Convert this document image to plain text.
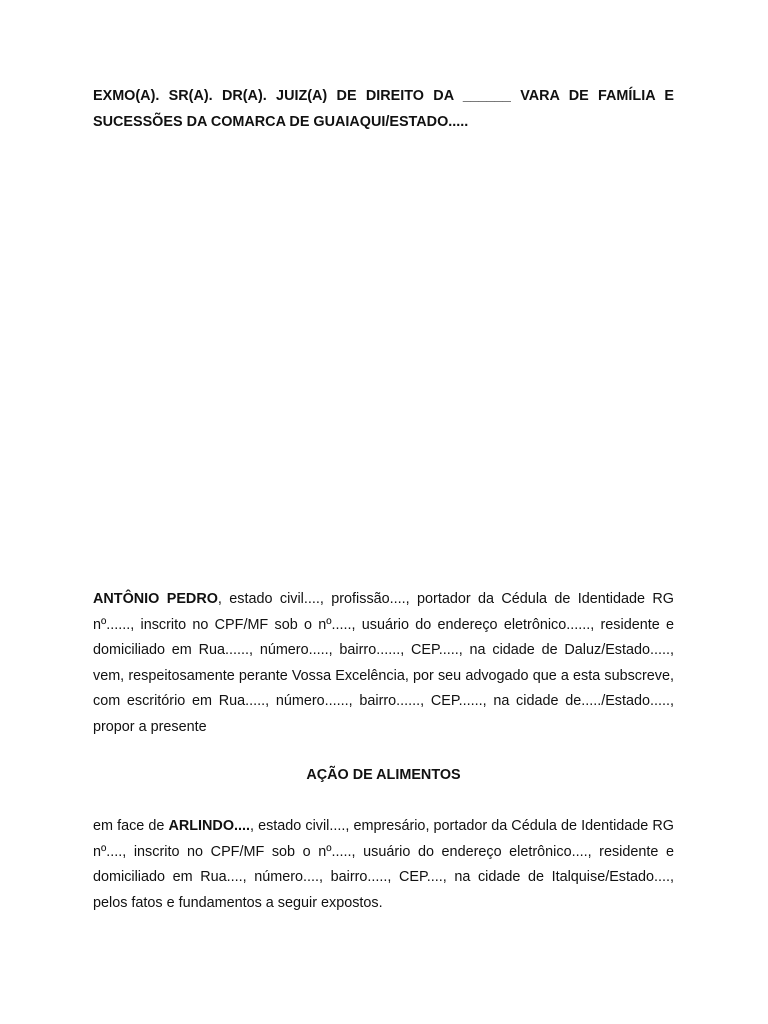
EXMO(A). SR(A). DR(A). JUIZ(A) DE DIREITO DA ______ VARA DE FAMÍLIA E SUCESSÕES DA COMARCA DE GUAIAQUI/ESTADO.....

ANTÔNIO PEDRO, estado civil...., profissão...., portador da Cédula de Identidade RG nº......, inscrito no CPF/MF sob o nº....., usuário do endereço eletrônico......, residente e domiciliado em Rua......, número....., bairro......, CEP....., na cidade de Daluz/Estado....., vem, respeitosamente perante Vossa Excelência, por seu advogado que a esta subscreve, com escritório em Rua....., número......, bairro......, CEP......, na cidade de...../Estado....., propor a presente

AÇÃO DE ALIMENTOS

em face de ARLINDO...., estado civil...., empresário, portador da Cédula de Identidade RG nº...., inscrito no CPF/MF sob o nº....., usuário do endereço eletrônico...., residente e domiciliado em Rua...., número...., bairro....., CEP...., na cidade de Italquise/Estado...., pelos fatos e fundamentos a seguir expostos.
